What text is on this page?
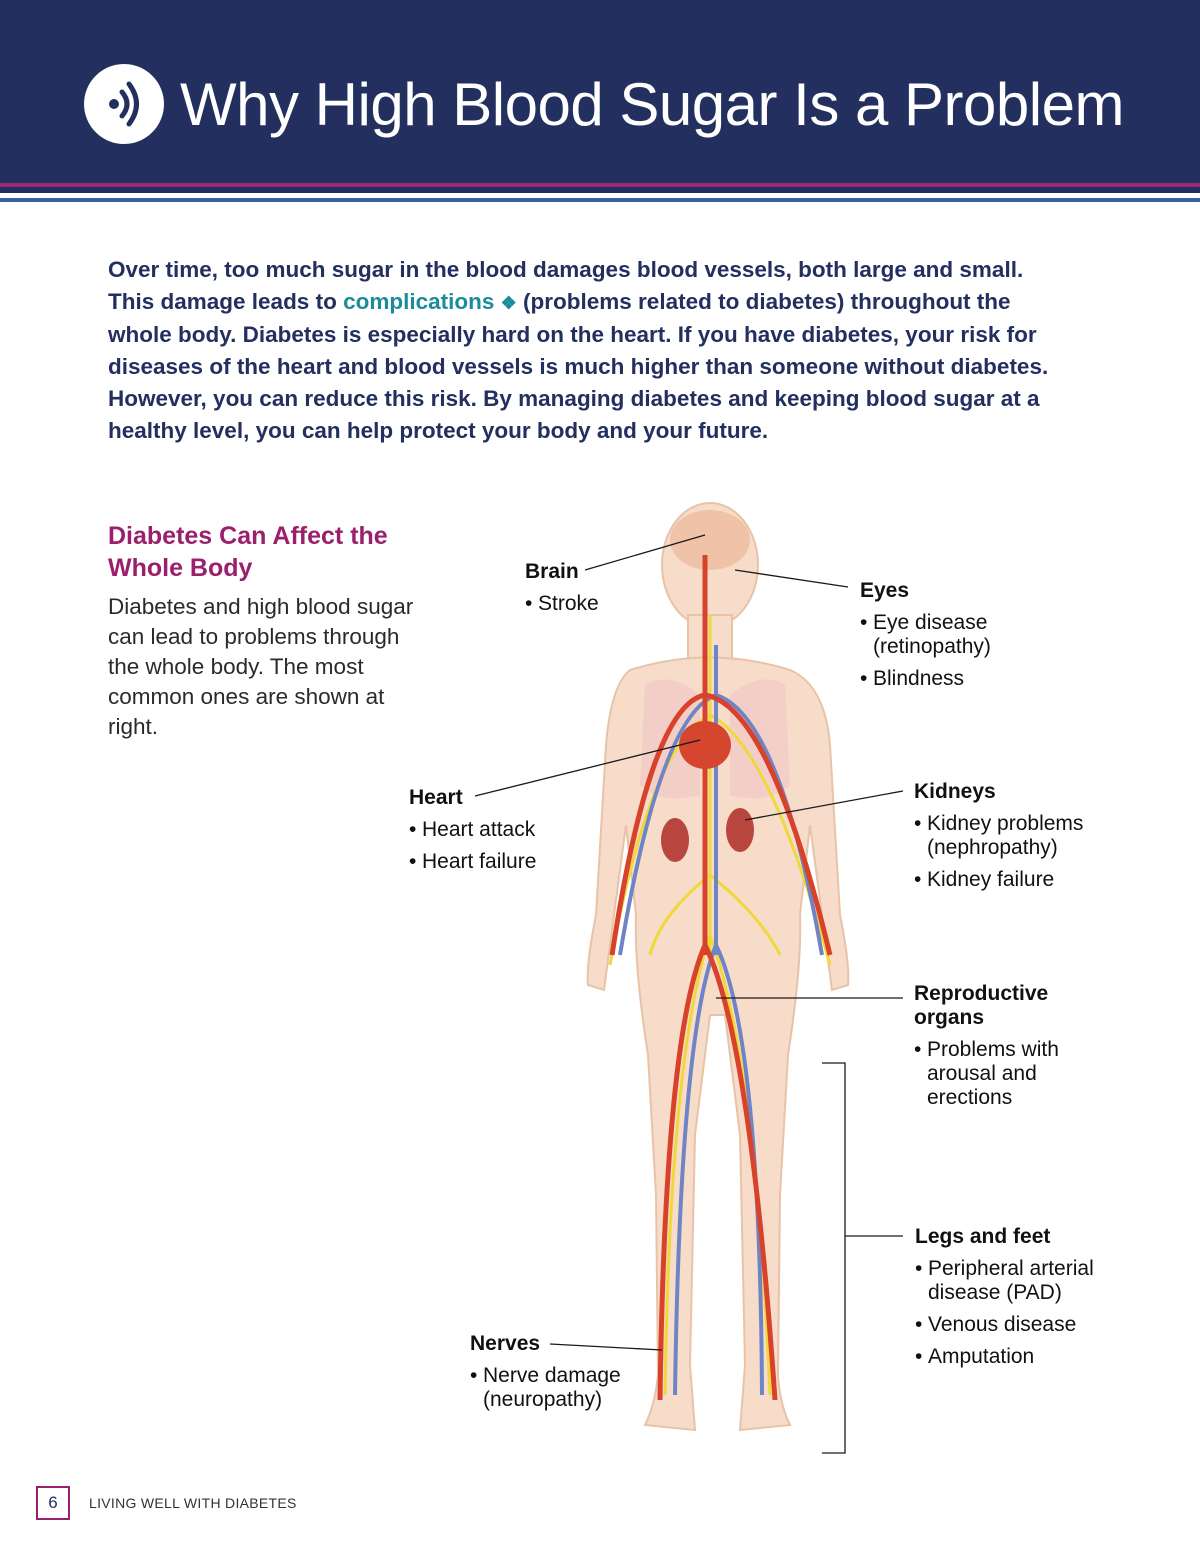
Why High Blood Sugar Is a Problem

Over time, too much sugar in the blood damages blood vessels, both large and small. This damage leads to complications ❖ (problems related to diabetes) throughout the whole body. Diabetes is especially hard on the heart. If you have diabetes, your risk for diseases of the heart and blood vessels is much higher than someone without diabetes. However, you can reduce this risk. By managing diabetes and keeping blood sugar at a healthy level, you can help protect your body and your future.

Diabetes Can Affect the Whole Body

Diabetes and high blood sugar can lead to problems through the whole body. The most common ones are shown at right.

Brain
• Stroke
Eyes
• Eye disease (retinopathy)
• Blindness
Heart
• Heart attack
• Heart failure
Kidneys
• Kidney problems (nephropathy)
• Kidney failure
Reproductive organs
• Problems with arousal and erections
Legs and feet
• Peripheral arterial disease (PAD)
• Venous disease
• Amputation
Nerves
• Nerve damage (neuropathy)
6	LIVING WELL WITH DIABETES
